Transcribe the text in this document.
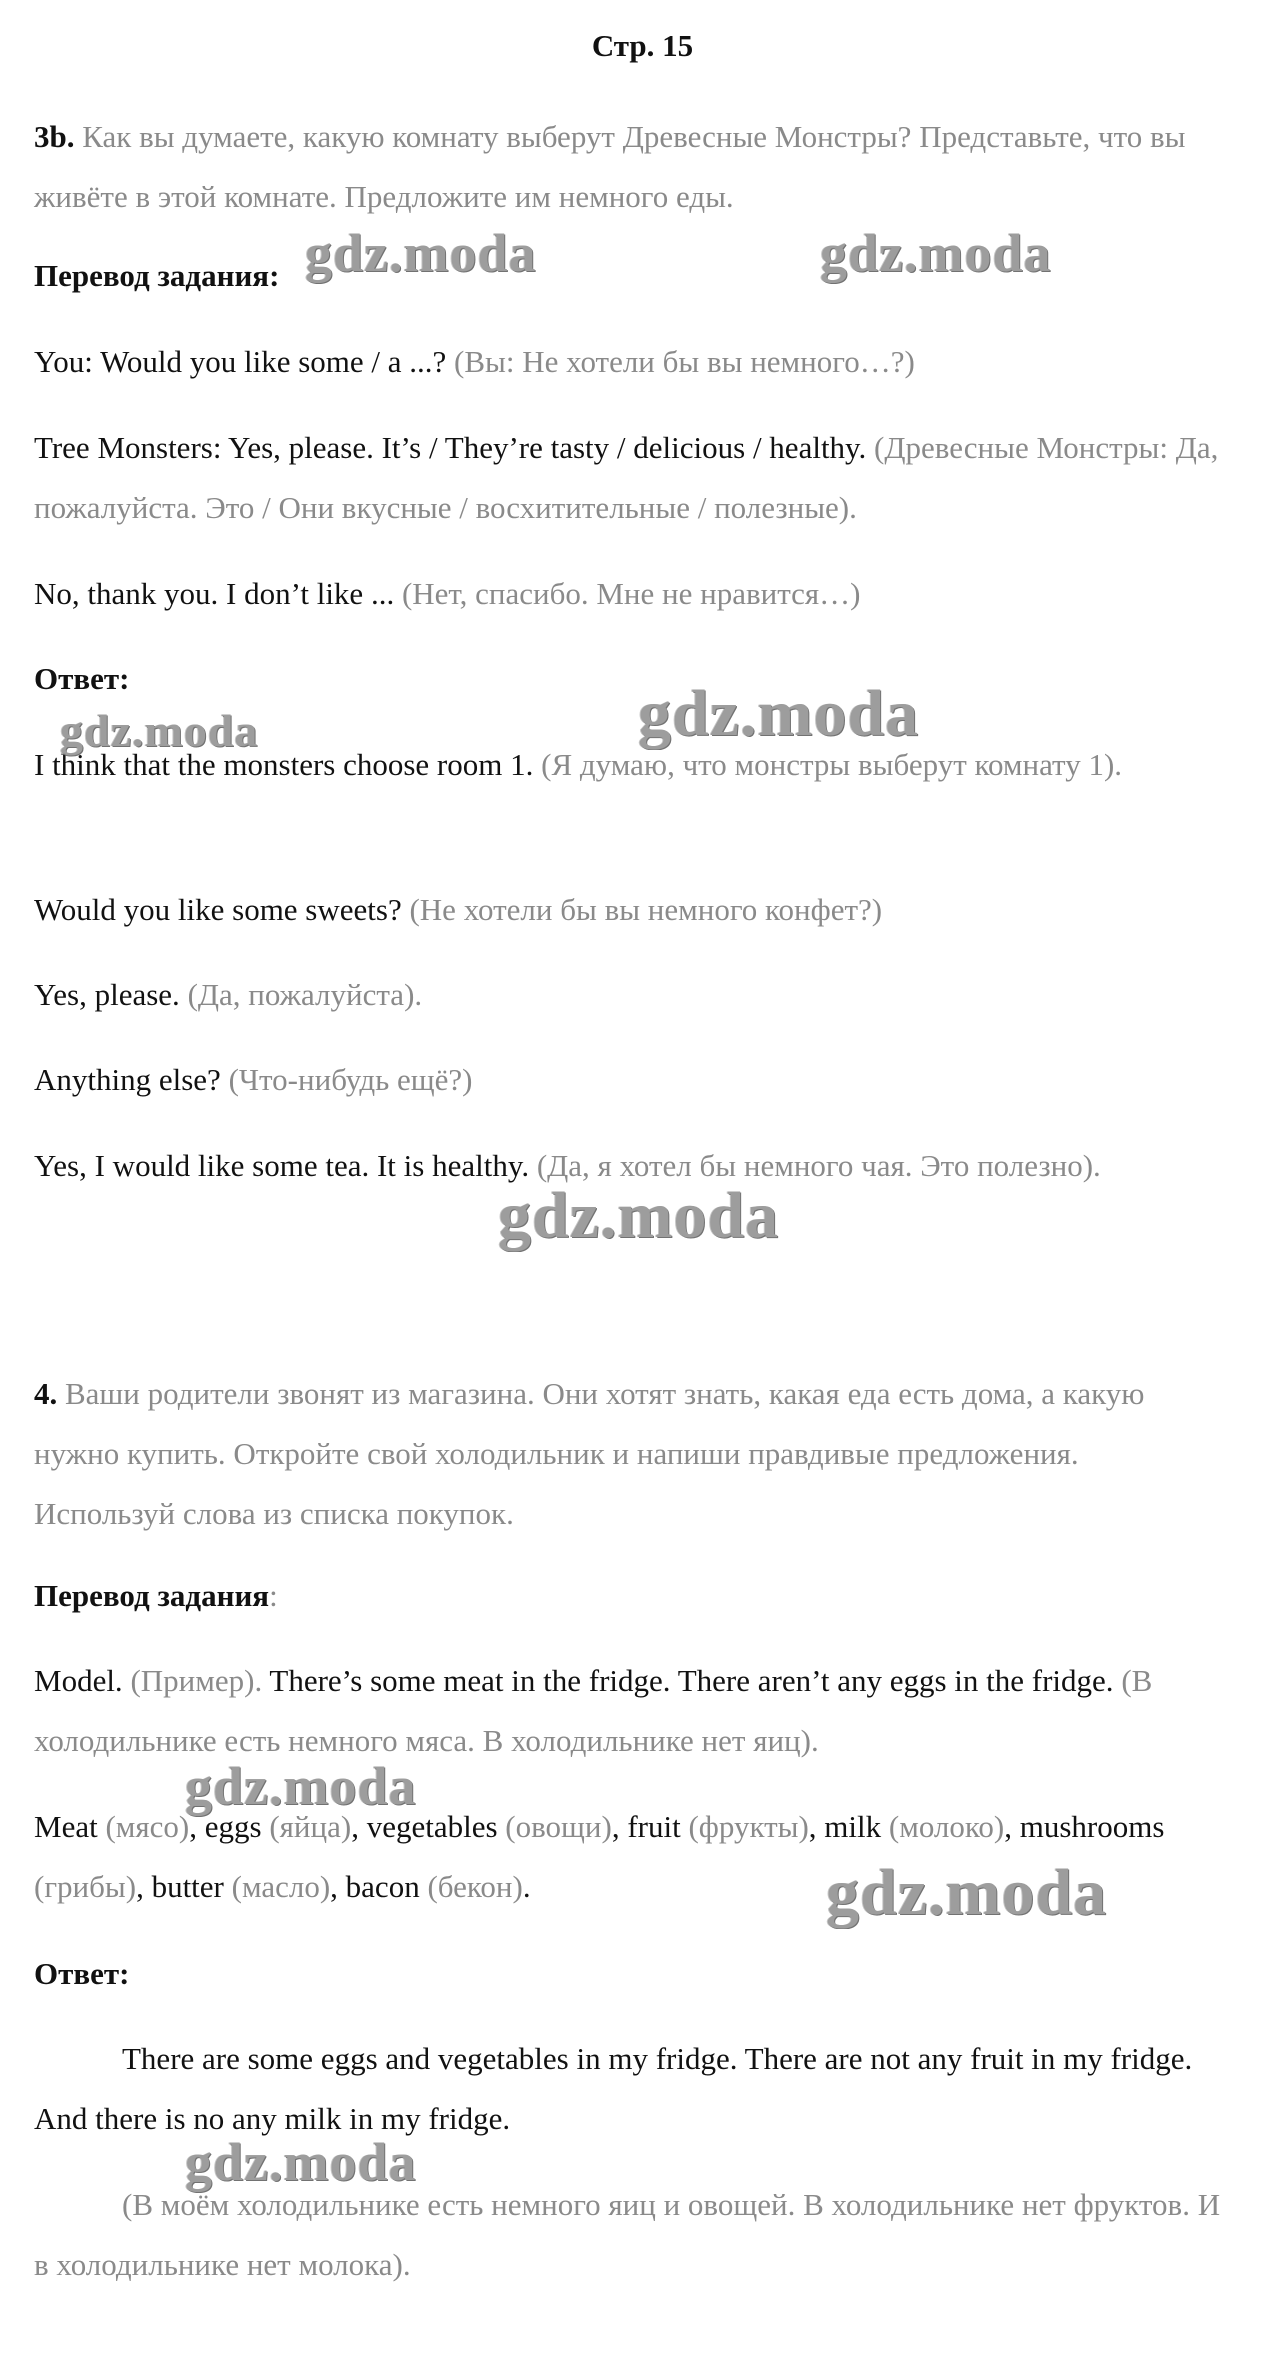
Стр. 15
3b. Как вы думаете, какую комнату выберут Древесные Монстры? Представьте, что вы живёте в этой комнате. Предложите им немного еды.
Перевод задания:
You: Would you like some / a ...? (Вы: Не хотели бы вы немного…?)
Tree Monsters: Yes, please. It’s / They’re tasty / delicious / healthy. (Древесные Монстры: Да, пожалуйста. Это / Они вкусные / восхитительные / полезные).
No, thank you. I don’t like ... (Нет, спасибо. Мне не нравится…)
Ответ:
I think that the monsters choose room 1. (Я думаю, что монстры выберут комнату 1).
Would you like some sweets? (Не хотели бы вы немного конфет?)
Yes, please. (Да, пожалуйста).
Anything else? (Что-нибудь ещё?)
Yes, I would like some tea. It is healthy. (Да, я хотел бы немного чая. Это полезно).
4. Ваши родители звонят из магазина. Они хотят знать, какая еда есть дома, а какую нужно купить. Откройте свой холодильник и напиши правдивые предложения. Используй слова из списка покупок.
Перевод задания:
Model. (Пример). There’s some meat in the fridge. There aren’t any eggs in the fridge. (В холодильнике есть немного мяса. В холодильнике нет яиц).
Meat (мясо), eggs (яйца), vegetables (овощи), fruit (фрукты), milk (молоко), mushrooms (грибы), butter (масло), bacon (бекон).
Ответ:
There are some eggs and vegetables in my fridge. There are not any fruit in my fridge. And there is no any milk in my fridge.
(В моём холодильнике есть немного яиц и овощей. В холодильнике нет фруктов. И в холодильнике нет молока).
gdz.moda	gdz.moda
gdz.moda	gdz.moda
gdz.moda
gdz.moda
gdz.moda
gdz.moda
